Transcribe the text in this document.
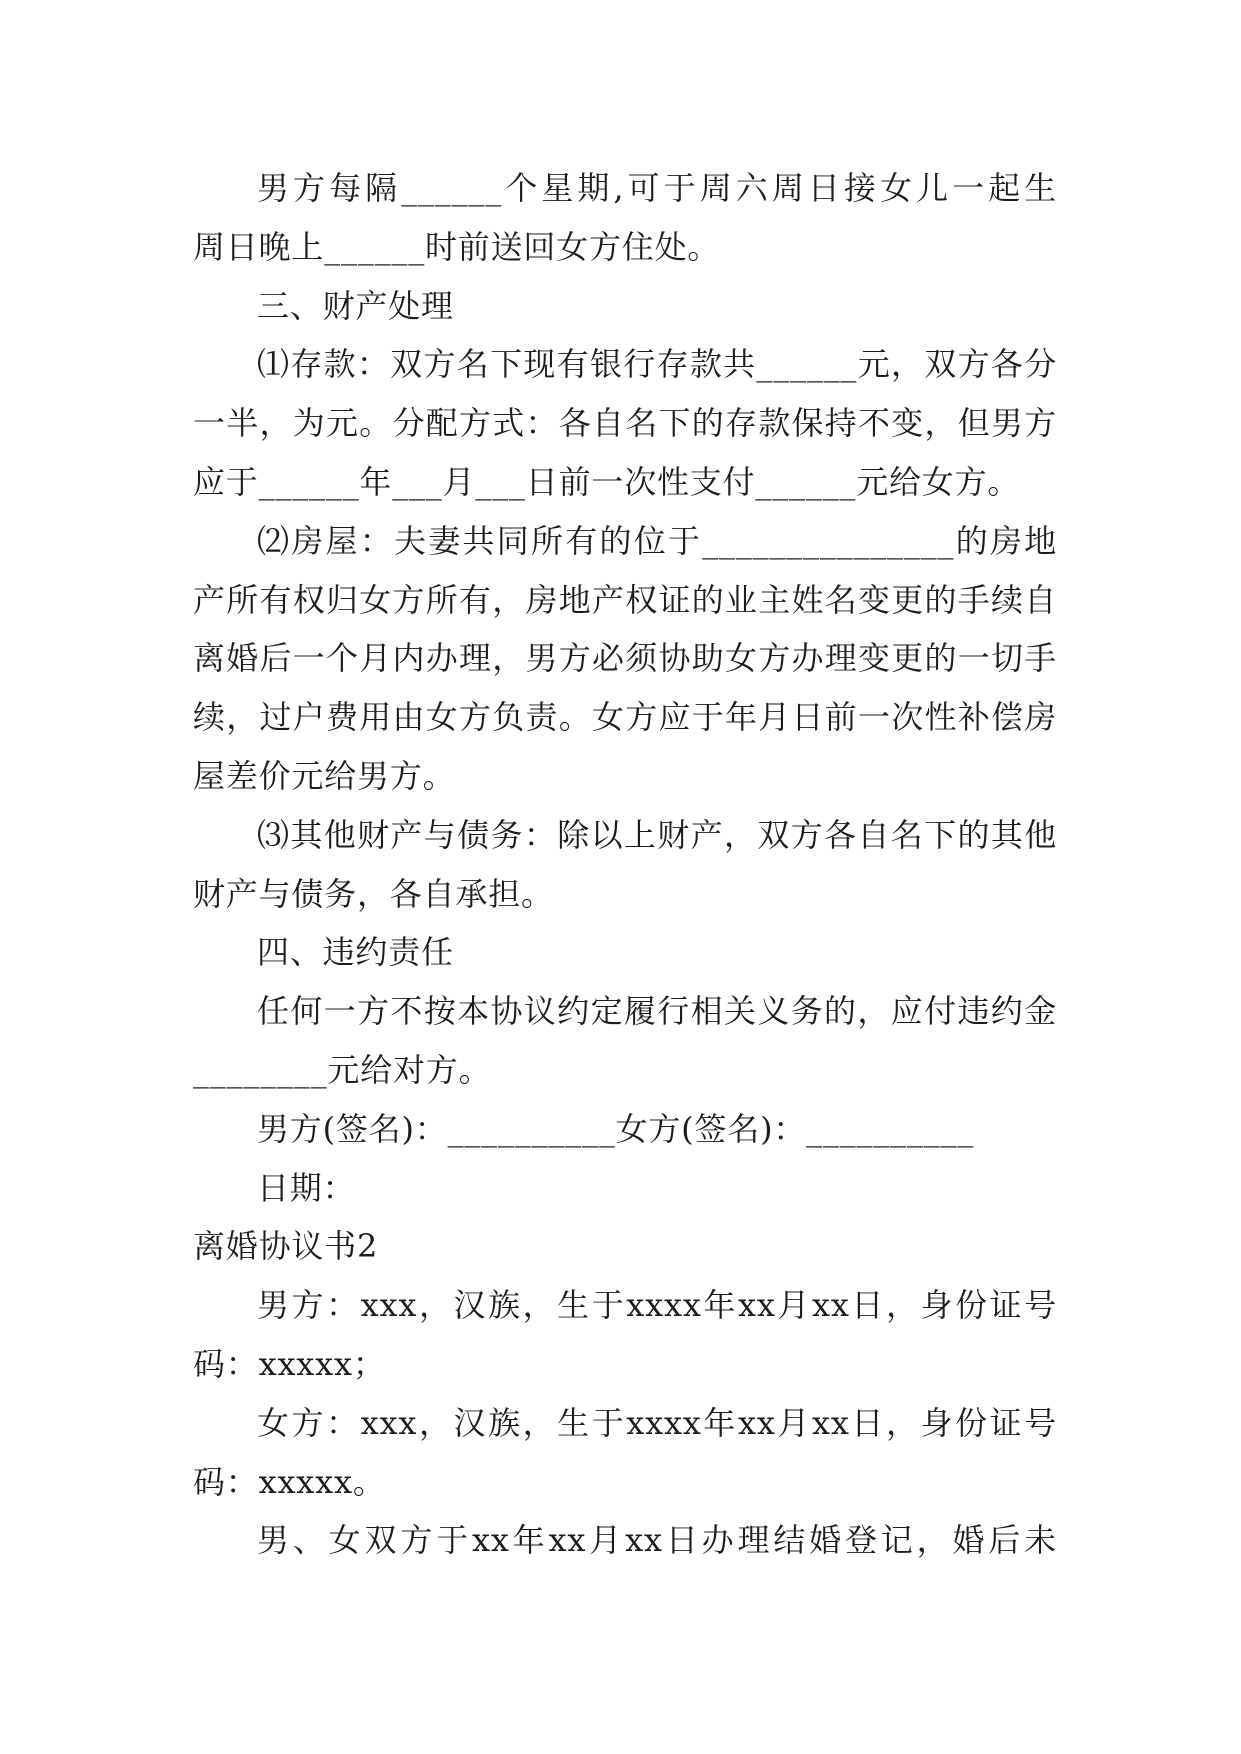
男方每隔______个星期,可于周六周日接女儿一起生
周日晚上______时前送回女方住处。
三、财产处理
⑴存款：双方名下现有银行存款共______元，双方各分
一半，为元。分配方式：各自名下的存款保持不变，但男方
应于______年___月___日前一次性支付______元给女方。
⑵房屋：夫妻共同所有的位于_______________的房地
产所有权归女方所有，房地产权证的业主姓名变更的手续自
离婚后一个月内办理，男方必须协助女方办理变更的一切手
续，过户费用由女方负责。女方应于年月日前一次性补偿房
屋差价元给男方。
⑶其他财产与债务：除以上财产，双方各自名下的其他
财产与债务，各自承担。
四、违约责任
任何一方不按本协议约定履行相关义务的，应付违约金
________元给对方。
男方(签名)：__________女方(签名)：__________
日期：
离婚协议书2
男方：xxx，汉族，生于xxxx年xx月xx日，身份证号
码：xxxxx；
女方：xxx，汉族，生于xxxx年xx月xx日，身份证号
码：xxxxx。
男、女双方于xx年xx月xx日办理结婚登记，婚后未
